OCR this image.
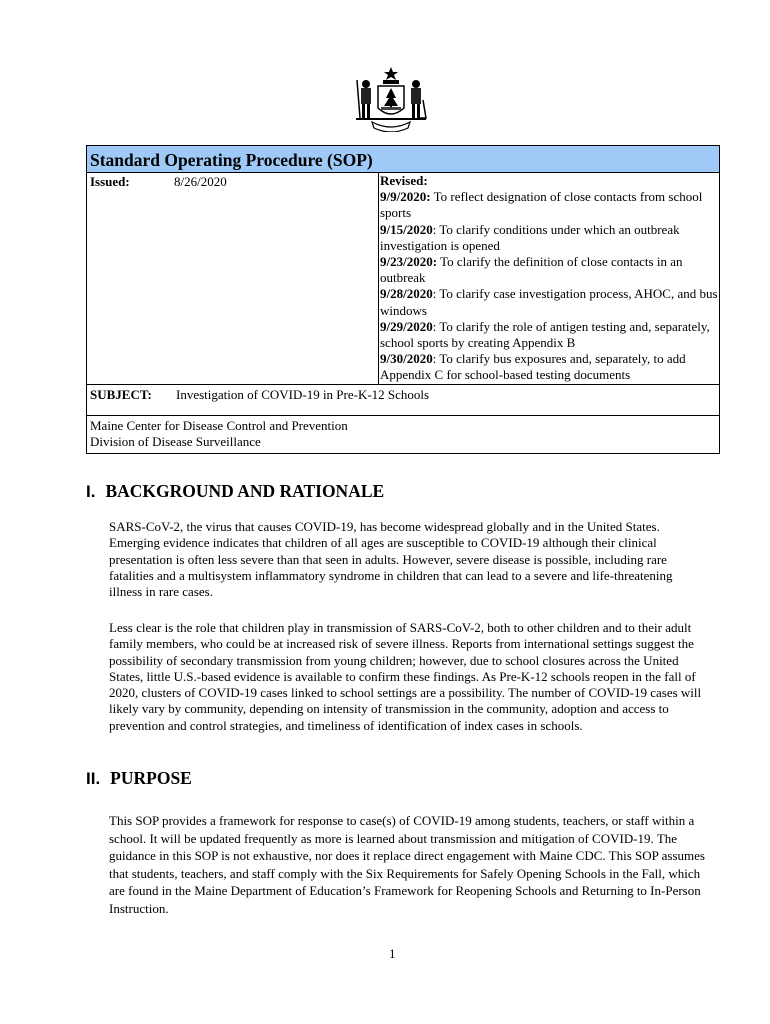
Standard Operating Procedure (SOP)
Issued:	8/26/2020	Revised:
9/9/2020: To reflect designation of close contacts from school sports
9/15/2020: To clarify conditions under which an outbreak investigation is opened
9/23/2020: To clarify the definition of close contacts in an outbreak
9/28/2020: To clarify case investigation process, AHOC, and bus windows
9/29/2020: To clarify the role of antigen testing and, separately, school sports by creating Appendix B
9/30/2020: To clarify bus exposures and, separately, to add Appendix C for school-based testing documents
SUBJECT:	Investigation of COVID-19 in Pre-K-12 Schools
Maine Center for Disease Control and Prevention
Division of Disease Surveillance
I. BACKGROUND AND RATIONALE

SARS-CoV-2, the virus that causes COVID-19, has become widespread globally and in the United States. Emerging evidence indicates that children of all ages are susceptible to COVID-19 although their clinical presentation is often less severe than that seen in adults. However, severe disease is possible, including rare fatalities and a multisystem inflammatory syndrome in children that can lead to a severe and life-threatening illness in rare cases.

Less clear is the role that children play in transmission of SARS-CoV-2, both to other children and to their adult family members, who could be at increased risk of severe illness. Reports from international settings suggest the possibility of secondary transmission from young children; however, due to school closures across the United States, little U.S.-based evidence is available to confirm these findings. As Pre-K-12 schools reopen in the fall of 2020, clusters of COVID-19 cases linked to school settings are a possibility. The number of COVID-19 cases will likely vary by community, depending on intensity of transmission in the community, adoption and access to prevention and control strategies, and timeliness of identification of index cases in schools.

II. PURPOSE

This SOP provides a framework for response to case(s) of COVID-19 among students, teachers, or staff within a school. It will be updated frequently as more is learned about transmission and mitigation of COVID-19. The guidance in this SOP is not exhaustive, nor does it replace direct engagement with Maine CDC. This SOP assumes that students, teachers, and staff comply with the Six Requirements for Safely Opening Schools in the Fall, which are found in the Maine Department of Education’s Framework for Reopening Schools and Returning to In-Person Instruction.

1
